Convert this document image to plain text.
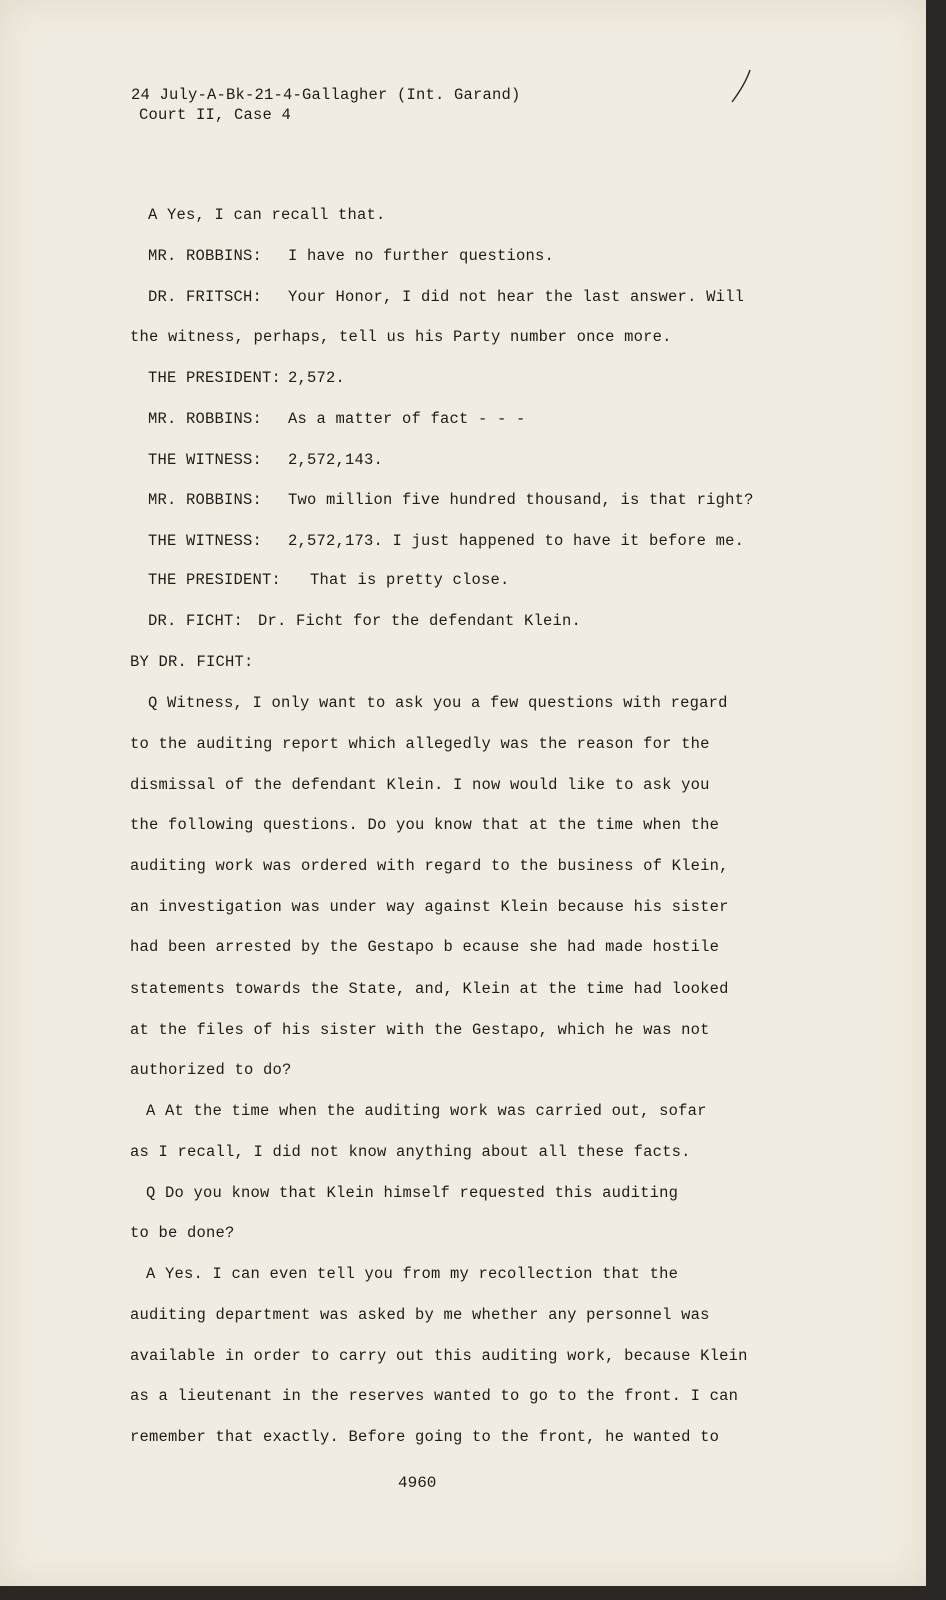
24 July-A-Bk-21-4-Gallagher (Int. Garand)

Court II, Case 4

A Yes, I can recall that.

MR. ROBBINS: I have no further questions.

DR. FRITSCH: Your Honor, I did not hear the last answer. Will

the witness, perhaps, tell us his Party number once more.

THE PRESIDENT: 2,572.

MR. ROBBINS: As a matter of fact - - -

THE WITNESS: 2,572,143.

MR. ROBBINS: Two million five hundred thousand, is that right?

THE WITNESS: 2,572,173. I just happened to have it before me.

THE PRESIDENT: That is pretty close.

DR. FICHT: Dr. Ficht for the defendant Klein.

BY DR. FICHT:

Q Witness, I only want to ask you a few questions with regard

to the auditing report which allegedly was the reason for the

dismissal of the defendant Klein. I now would like to ask you

the following questions. Do you know that at the time when the

auditing work was ordered with regard to the business of Klein,

an investigation was under way against Klein because his sister

had been arrested by the Gestapo b ecause she had made hostile

statements towards the State, and, Klein at the time had looked

at the files of his sister with the Gestapo, which he was not

authorized to do?

A At the time when the auditing work was carried out, sofar

as I recall, I did not know anything about all these facts.

Q Do you know that Klein himself requested this auditing

to be done?

A Yes. I can even tell you from my recollection that the

auditing department was asked by me whether any personnel was

available in order to carry out this auditing work, because Klein

as a lieutenant in the reserves wanted to go to the front. I can

remember that exactly. Before going to the front, he wanted to

4960
